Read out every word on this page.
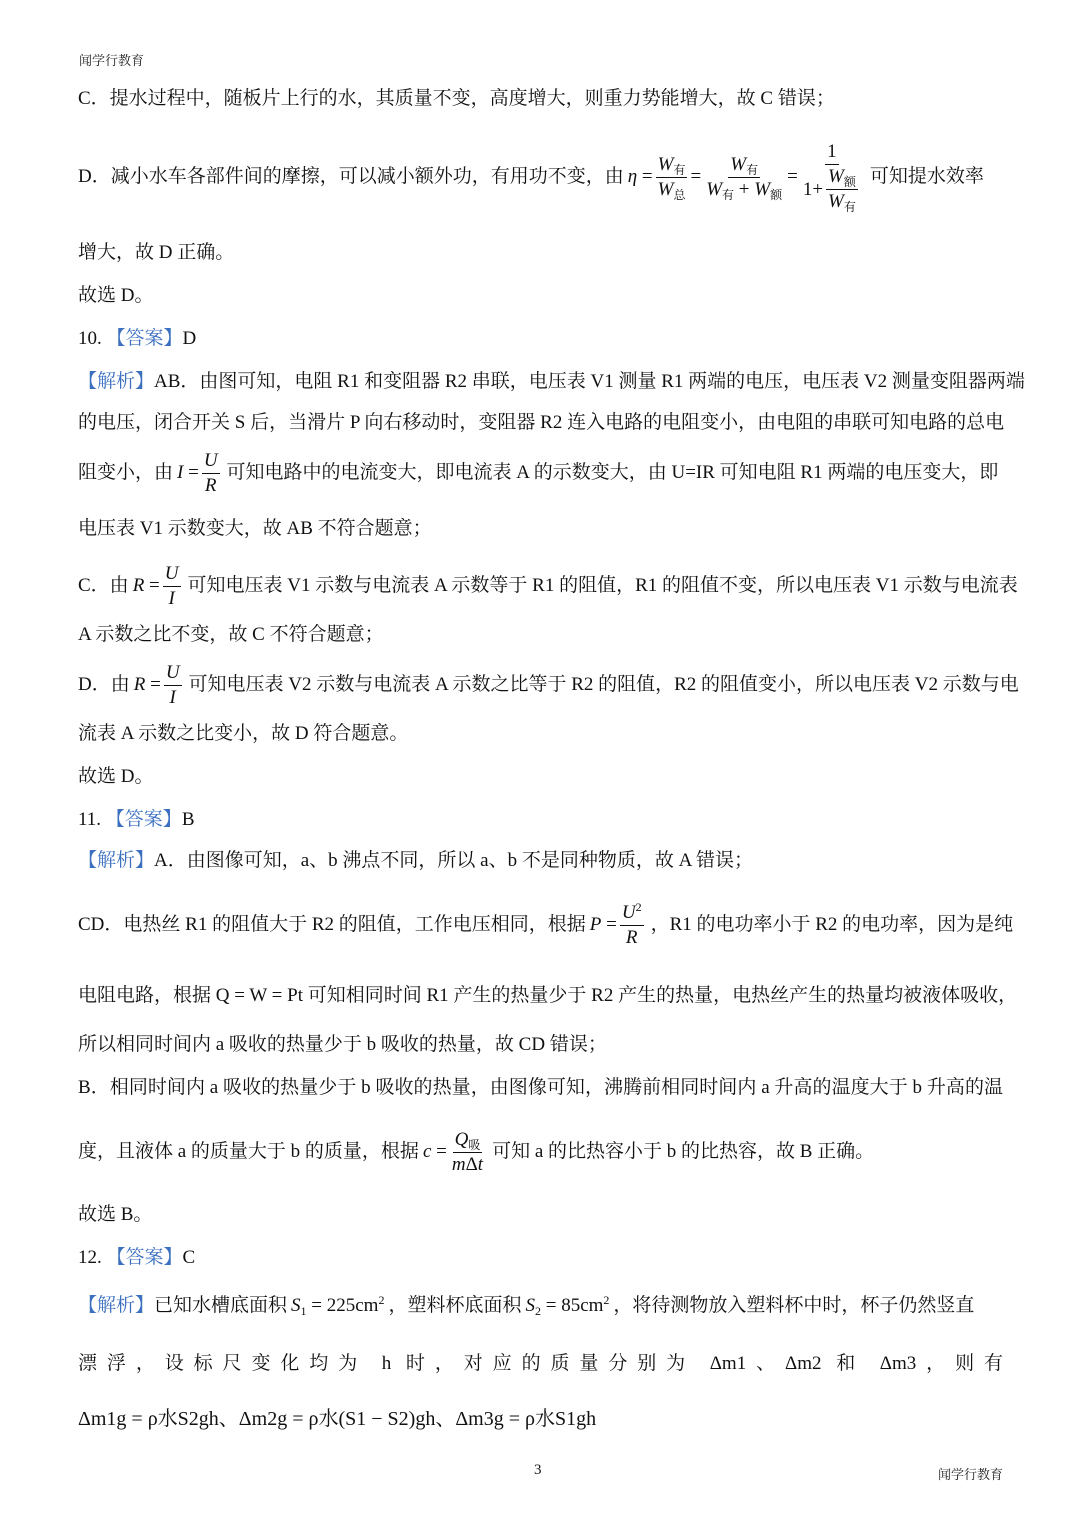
闻学行教育
C．提水过程中，随板片上行的水，其质量不变，高度增大，则重力势能增大，故 C 错误；
D．减小水车各部件间的摩擦，可以减小额外功，有用功不变，由 $\eta = \frac{W_有}{W_总} = \frac{W_有}{W_有 + W_额} = \frac{1}{1+ \frac{W_额}{W_有}}$ 可知提水效率
增大，故 D 正确。
故选 D。
10.
【答案】 D
【解析】 AB．由图可知，电阻 R1 和变阻器 R2 串联，电压表 V1 测量 R1 两端的电压，电压表 V2 测量变阻器两端
的电压，闭合开关 S 后，当滑片 P 向右移动时，变阻器 R2 连入电路的电阻变小，由电阻的串联可知电路的总电
阻变小，由 $I = \frac{U}{R}$ 可知电路中的电流变大，即电流表 A 的示数变大，由 U=IR 可知电阻 R1 两端的电压变大，即
电压表 V1 示数变大，故 AB 不符合题意；
C．由 $R = \frac{U}{I}$ 可知电压表 V1 示数与电流表 A 示数等于 R1 的阻值，R1 的阻值不变，所以电压表 V1 示数与电流表
A 示数之比不变，故 C 不符合题意；
D．由 $R = \frac{U}{I}$ 可知电压表 V2 示数与电流表 A 示数之比等于 R2 的阻值，R2 的阻值变小，所以电压表 V2 示数与电
流表 A 示数之比变小，故 D 符合题意。
故选 D。
11.
【答案】 B
【解析】 A．由图像可知，a、b 沸点不同，所以 a、b 不是同种物质，故 A 错误；
CD．电热丝 R1 的阻值大于 R2 的阻值，工作电压相同，根据 $P = \frac{U^2}{R}$ ，R1 的电功率小于 R2 的电功率，因为是纯
电阻电路，根据 Q = W = Pt 可知相同时间 R1 产生的热量少于 R2 产生的热量，电热丝产生的热量均被液体吸收，
所以相同时间内 a 吸收的热量少于 b 吸收的热量，故 CD 错误；
B．相同时间内 a 吸收的热量少于 b 吸收的热量，由图像可知，沸腾前相同时间内 a 升高的温度大于 b 升高的温
度，且液体 a 的质量大于 b 的质量，根据 $c = \frac{Q_吸}{\text{mΔt}}$ 可知 a 的比热容小于 b 的比热容，故 B 正确。
故选 B。
12.
【答案】 C
【解析】 已知水槽底面积 $S_1 = 225cm^2$ ，塑料杯底面积 $S_2 = 85cm^2$ ，将待测物放入塑料杯中时，杯子仍然竖直
漂浮，设标尺变化均为 h 时，对应的质量分别为 Δm1、Δm2 和 Δm3，则有
Δm1g = ρ水S2gh、Δm2g = ρ水(S1 − S2)gh、Δm3g = ρ水S1gh
3	闻学行教育
